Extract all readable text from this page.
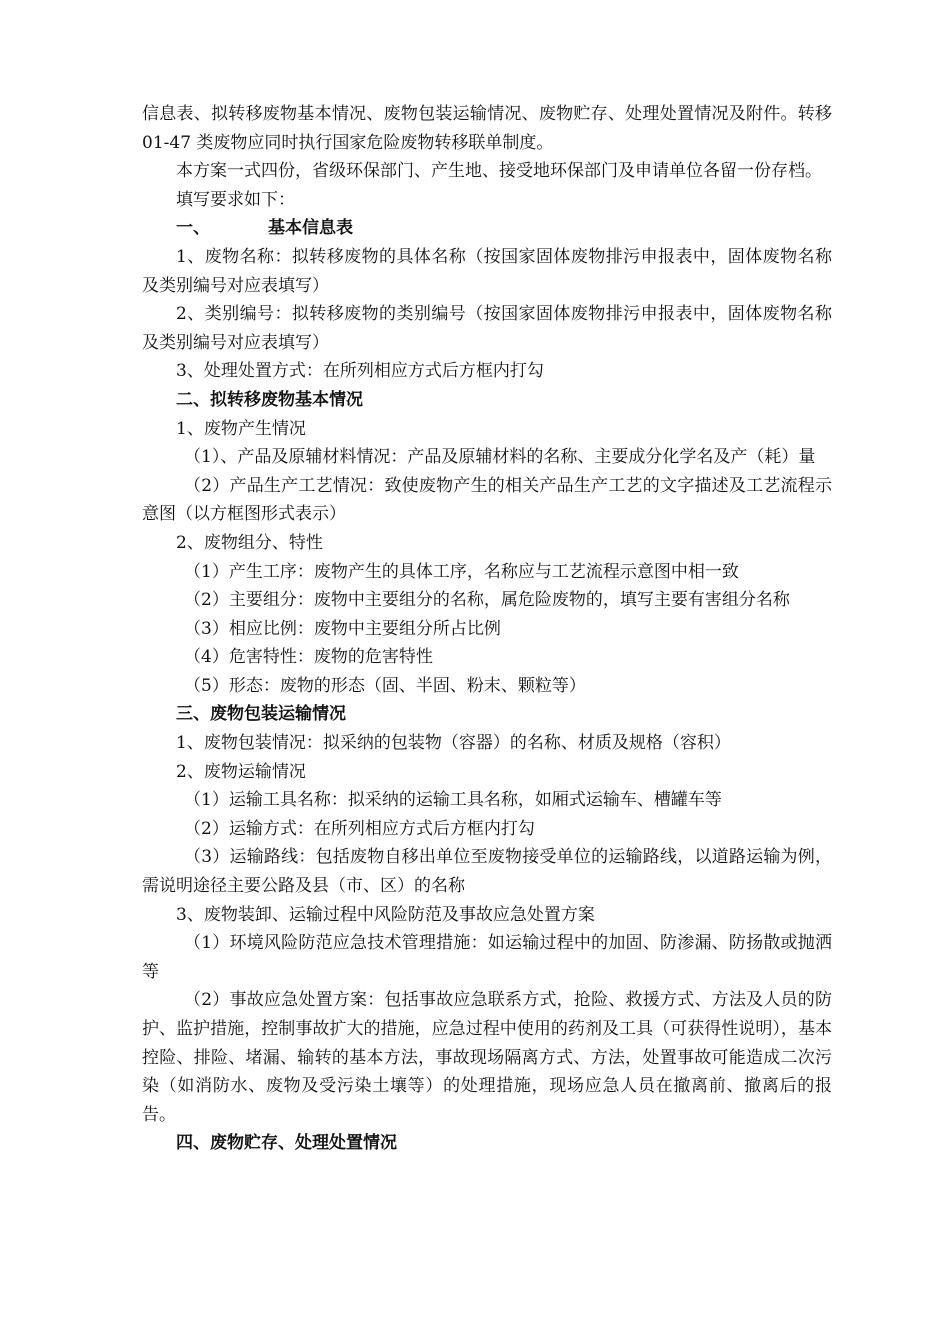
信息表、拟转移废物基本情况、废物包装运输情况、废物贮存、处理处置情况及附件。转移 01-47 类废物应同时执行国家危险废物转移联单制度。

本方案一式四份，省级环保部门、产生地、接受地环保部门及申请单位各留一份存档。

填写要求如下：

一、	基本信息表

1、废物名称：拟转移废物的具体名称（按国家固体废物排污申报表中，固体废物名称及类别编号对应表填写）

2、类别编号：拟转移废物的类别编号（按国家固体废物排污申报表中，固体废物名称及类别编号对应表填写）

3、处理处置方式：在所列相应方式后方框内打勾

二、拟转移废物基本情况

1、废物产生情况

（1）、产品及原辅材料情况：产品及原辅材料的名称、主要成分化学名及产（耗）量

（2）产品生产工艺情况：致使废物产生的相关产品生产工艺的文字描述及工艺流程示意图（以方框图形式表示）

2、废物组分、特性

（1）产生工序：废物产生的具体工序，名称应与工艺流程示意图中相一致

（2）主要组分：废物中主要组分的名称，属危险废物的，填写主要有害组分名称

（3）相应比例：废物中主要组分所占比例

（4）危害特性：废物的危害特性

（5）形态：废物的形态（固、半固、粉末、颗粒等）

三、废物包装运输情况

1、废物包装情况：拟采纳的包装物（容器）的名称、材质及规格（容积）

2、废物运输情况

（1）运输工具名称：拟采纳的运输工具名称，如厢式运输车、槽罐车等

（2）运输方式：在所列相应方式后方框内打勾

（3）运输路线：包括废物自移出单位至废物接受单位的运输路线，以道路运输为例，需说明途径主要公路及县（市、区）的名称

3、废物装卸、运输过程中风险防范及事故应急处置方案

（1）环境风险防范应急技术管理措施：如运输过程中的加固、防渗漏、防扬散或抛洒等

（2）事故应急处置方案：包括事故应急联系方式，抢险、救援方式、方法及人员的防护、监护措施，控制事故扩大的措施，应急过程中使用的药剂及工具（可获得性说明），基本控险、排险、堵漏、输转的基本方法，事故现场隔离方式、方法，处置事故可能造成二次污染（如消防水、废物及受污染土壤等）的处理措施，现场应急人员在撤离前、撤离后的报告。

四、废物贮存、处理处置情况
